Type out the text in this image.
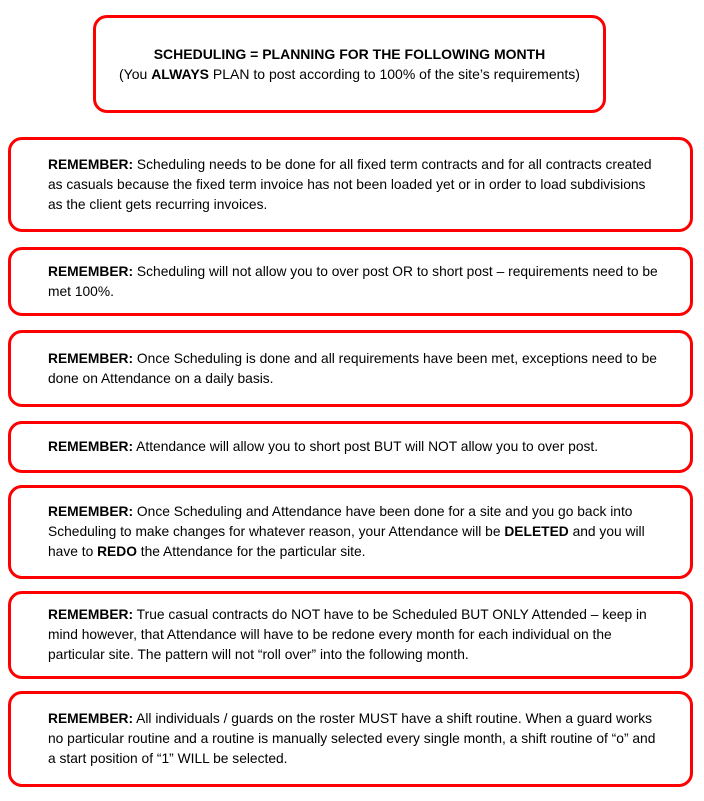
SCHEDULING = PLANNING FOR THE FOLLOWING MONTH
(You ALWAYS PLAN to post according to 100% of the site’s requirements)
REMEMBER: Scheduling needs to be done for all fixed term contracts and for all contracts created as casuals because the fixed term invoice has not been loaded yet or in order to load subdivisions as the client gets recurring invoices.
REMEMBER: Scheduling will not allow you to over post OR to short post – requirements need to be met 100%.
REMEMBER: Once Scheduling is done and all requirements have been met, exceptions need to be done on Attendance on a daily basis.
REMEMBER: Attendance will allow you to short post BUT will NOT allow you to over post.
REMEMBER: Once Scheduling and Attendance have been done for a site and you go back into Scheduling to make changes for whatever reason, your Attendance will be DELETED and you will have to REDO the Attendance for the particular site.
REMEMBER: True casual contracts do NOT have to be Scheduled BUT ONLY Attended – keep in mind however, that Attendance will have to be redone every month for each individual on the particular site. The pattern will not “roll over” into the following month.
REMEMBER: All individuals / guards on the roster MUST have a shift routine. When a guard works no particular routine and a routine is manually selected every single month, a shift routine of “o” and a start position of “1” WILL be selected.
